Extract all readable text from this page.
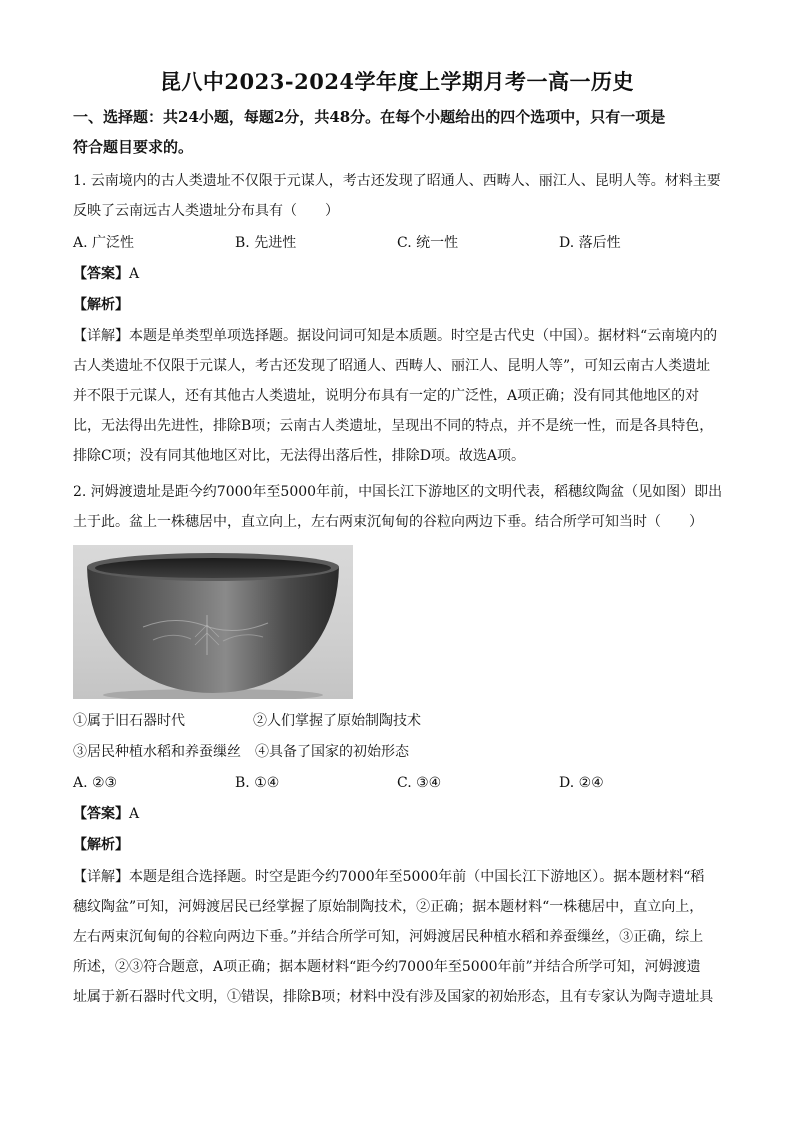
昆八中2023-2024学年度上学期月考一高一历史
一、选择题：共24小题，每题2分，共48分。在每个小题给出的四个选项中，只有一项是
符合题目要求的。
1. 云南境内的古人类遗址不仅限于元谋人，考古还发现了昭通人、西畴人、丽江人、昆明人等。材料主要
反映了云南远古人类遗址分布具有（　　）
A. 广泛性	B. 先进性	C. 统一性	D. 落后性
【答案】A
【解析】
【详解】本题是单类型单项选择题。据设问词可知是本质题。时空是古代史（中国）。据材料“云南境内的
古人类遗址不仅限于元谋人，考古还发现了昭通人、西畴人、丽江人、昆明人等”，可知云南古人类遗址
并不限于元谋人，还有其他古人类遗址，说明分布具有一定的广泛性，A项正确；没有同其他地区的对
比，无法得出先进性，排除B项；云南古人类遗址，呈现出不同的特点，并不是统一性，而是各具特色，
排除C项；没有同其他地区对比，无法得出落后性，排除D项。故选A项。
2. 河姆渡遗址是距今约7000年至5000年前，中国长江下游地区的文明代表，稻穗纹陶盆（见如图）即出
土于此。盆上一株穗居中，直立向上，左右两束沉甸甸的谷粒向两边下垂。结合所学可知当时（　　）
①属于旧石器时代	②人们掌握了原始制陶技术
③居民种植水稻和养蚕缫丝　④具备了国家的初始形态
A. ②③	B. ①④	C. ③④	D. ②④
【答案】A
【解析】
【详解】本题是组合选择题。时空是距今约7000年至5000年前（中国长江下游地区）。据本题材料“稻
穗纹陶盆”可知，河姆渡居民已经掌握了原始制陶技术，②正确；据本题材料“一株穗居中，直立向上，
左右两束沉甸甸的谷粒向两边下垂。”并结合所学可知，河姆渡居民种植水稻和养蚕缫丝，③正确，综上
所述，②③符合题意，A项正确；据本题材料“距今约7000年至5000年前”并结合所学可知，河姆渡遗
址属于新石器时代文明，①错误，排除B项；材料中没有涉及国家的初始形态，且有专家认为陶寺遗址具
